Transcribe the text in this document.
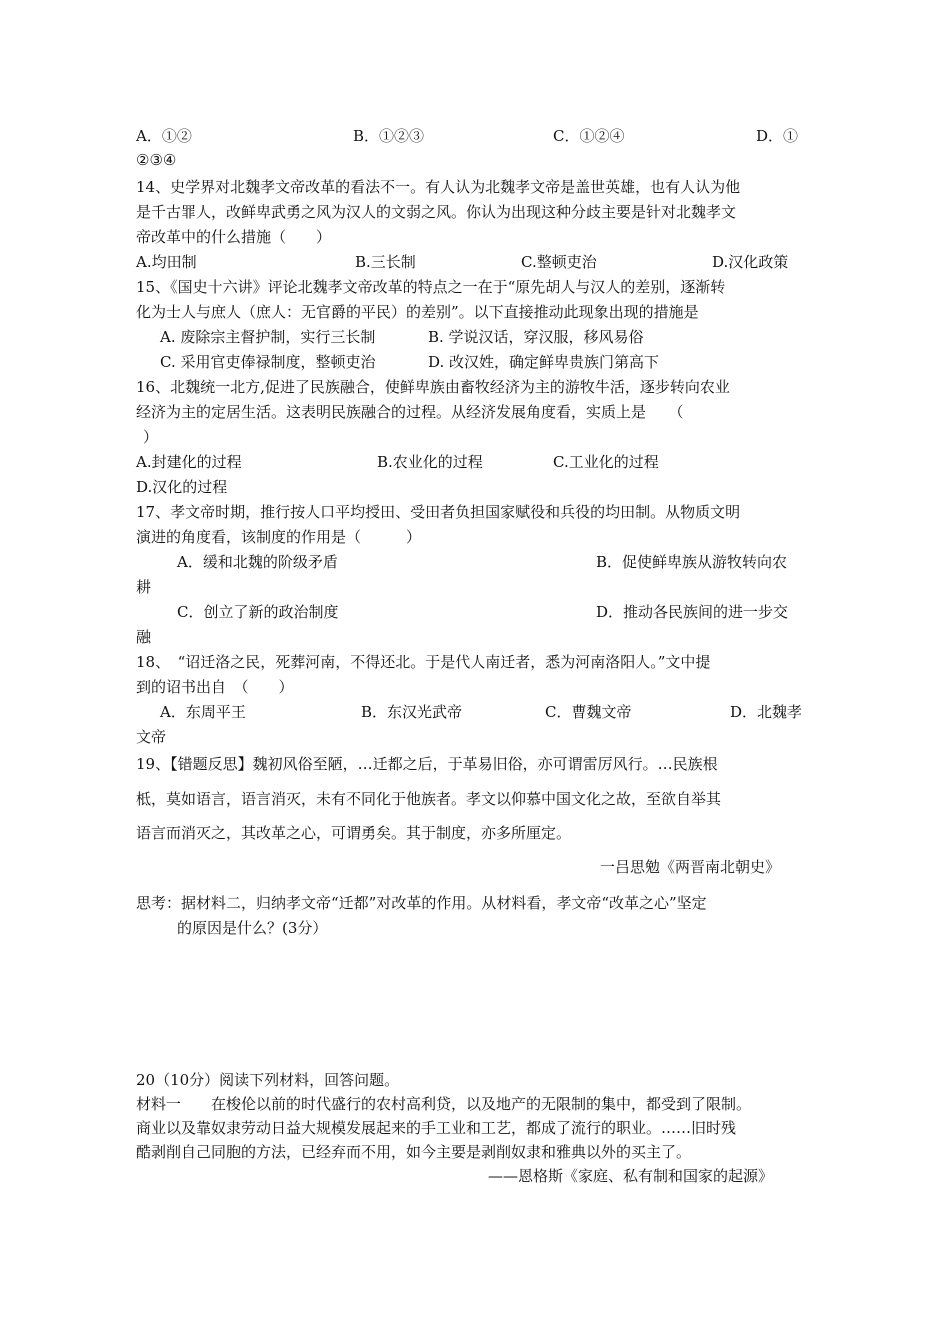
A．①②	B．①②③	C．①②④	D．①
②③④
14、史学界对北魏孝文帝改革的看法不一。有人认为北魏孝文帝是盖世英雄，也有人认为他
是千古罪人，改鲜卑武勇之风为汉人的文弱之风。你认为出现这种分歧主要是针对北魏孝文
帝改革中的什么措施（　　）
A.均田制	B.三长制	C.整顿吏治	D.汉化政策
15、《国史十六讲》评论北魏孝文帝改革的特点之一在于“原先胡人与汉人的差别，逐渐转
化为士人与庶人（庶人：无官爵的平民）的差别”。以下直接推动此现象出现的措施是
A. 废除宗主督护制，实行三长制	B. 学说汉话，穿汉服，移风易俗
C. 采用官吏俸禄制度，整顿吏治	D. 改汉姓，确定鲜卑贵族门第高下
16、北魏统一北方,促进了民族融合，使鲜卑族由畜牧经济为主的游牧牛活，逐步转向农业
经济为主的定居生活。这表明民族融合的过程。从经济发展角度看，实质上是　　（
）
A.封建化的过程	B.农业化的过程	C.工业化的过程
D.汉化的过程
17、孝文帝时期，推行按人口平均授田、受田者负担国家赋役和兵役的均田制。从物质文明
演进的角度看，该制度的作用是（　　　）
A．缓和北魏的阶级矛盾	B．促使鲜卑族从游牧转向农
耕
C．创立了新的政治制度	D．推动各民族间的进一步交
融
18、　“诏迁洛之民，死葬河南，不得还北。于是代人南迁者，悉为河南洛阳人。”文中提
到的诏书出自　（　　）
A．东周平王	B．东汉光武帝	C．曹魏文帝	D．北魏孝
文帝
19、【错题反思】魏初风俗至陋，…迁都之后，于革易旧俗，亦可谓雷厉风行。…民族根
柢，莫如语言，语言消灭，未有不同化于他族者。孝文以仰慕中国文化之故，至欲自举其
语言而消灭之，其改革之心，可谓勇矣。其于制度，亦多所厘定。
一吕思勉《两晋南北朝史》
思考：据材料二，归纳孝文帝“迁都”对改革的作用。从材料看，孝文帝“改革之心”坚定
的原因是什么？(3分）
20（10分）阅读下列材料，回答问题。
材料一　　在梭伦以前的时代盛行的农村高利贷，以及地产的无限制的集中，都受到了限制。
商业以及靠奴隶劳动日益大规模发展起来的手工业和工艺，都成了流行的职业。……旧时残
酷剥削自己同胞的方法，已经弃而不用，如今主要是剥削奴隶和雅典以外的买主了。
——恩格斯《家庭、私有制和国家的起源》
